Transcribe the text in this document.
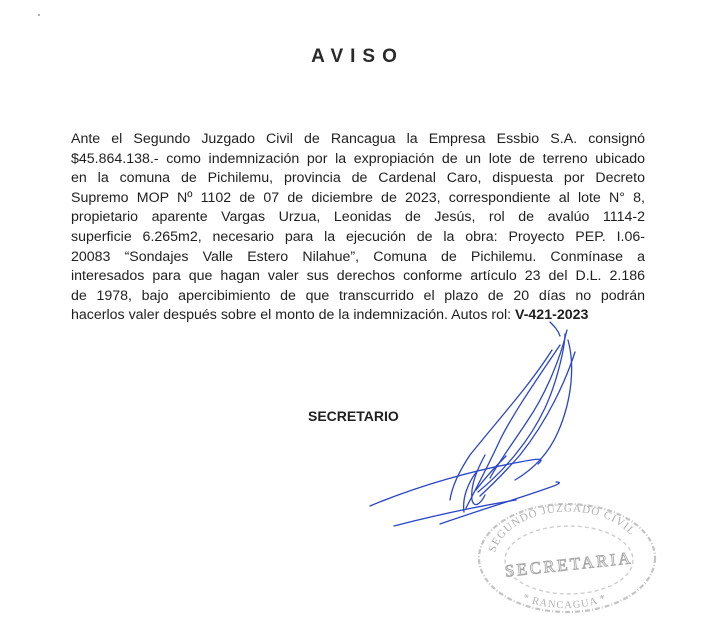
AVISO
Ante el Segundo Juzgado Civil de Rancagua la Empresa Essbio S.A. consignó
$45.864.138.- como indemnización por la expropiación de un lote de terreno ubicado
en la comuna de Pichilemu, provincia de Cardenal Caro, dispuesta por Decreto
Supremo MOP Nº 1102 de 07 de diciembre de 2023, correspondiente al lote N° 8,
propietario aparente Vargas Urzua, Leonidas de Jesús, rol de avalúo 1114-2
superficie 6.265m2, necesario para la ejecución de la obra: Proyecto PEP. I.06-
20083 “Sondajes Valle Estero Nilahue”, Comuna de Pichilemu. Conmínase a
interesados para que hagan valer sus derechos conforme artículo 23 del D.L. 2.186
de 1978, bajo apercibimiento de que transcurrido el plazo de 20 días no podrán
hacerlos valer después sobre el monto de la indemnización. Autos rol: V-421-2023
SECRETARIO
SEGUNDO JUZGADO CIVIL
SECRETARIA
* RANCAGUA *
